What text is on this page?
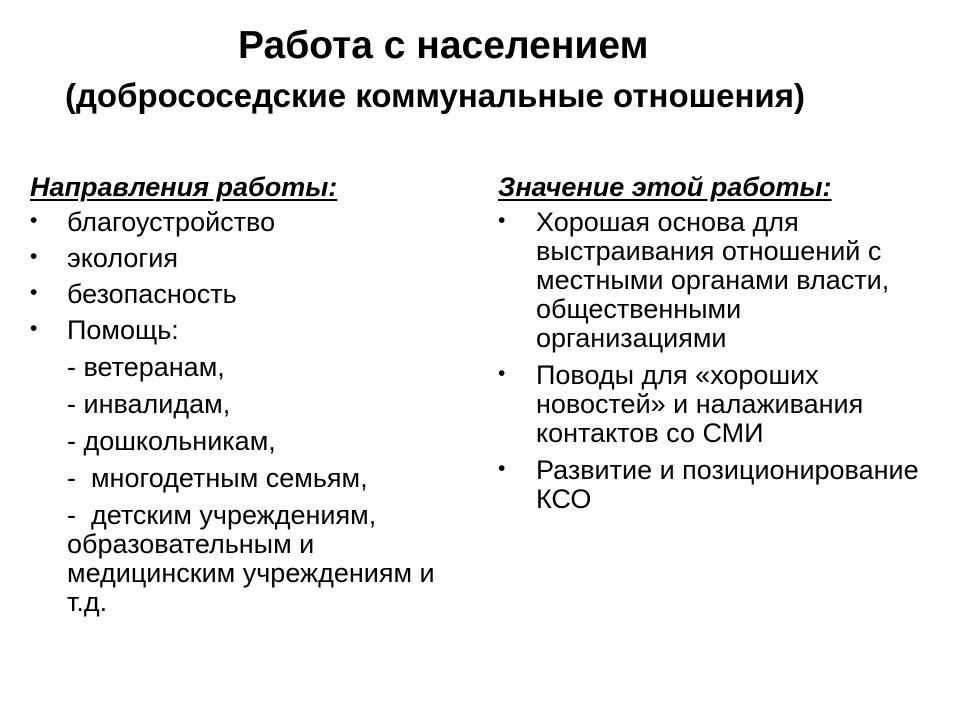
Работа с населением
(добрососедские коммунальные отношения)
Направления работы:
• благоустройство
• экология
• безопасность
• Помощь:
- ветеранам,
- инвалидам,
- дошкольникам,
-  многодетным семьям,
-  детским учреждениям, образовательным и медицинским учреждениям и т.д.
Значение этой работы:
• Хорошая основа для выстраивания отношений с местными органами власти, общественными организациями
• Поводы для «хороших новостей» и налаживания контактов со СМИ
• Развитие и позиционирование КСО
